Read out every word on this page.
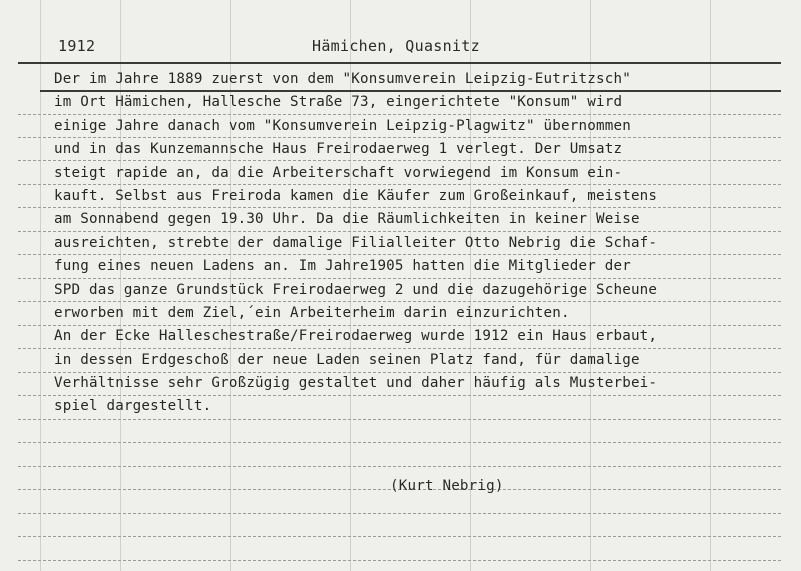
1912	Hämichen, Quasnitz
Der im Jahre 1889 zuerst von dem "Konsumverein Leipzig-Eutritzsch"
im Ort Hämichen, Hallesche Straße 73, eingerichtete "Konsum" wird
einige Jahre danach vom "Konsumverein Leipzig-Plagwitz" übernommen
und in das Kunzemannsche Haus Freirodaerweg 1 verlegt. Der Umsatz
steigt rapide an, da die Arbeiterschaft vorwiegend im Konsum ein-
kauft. Selbst aus Freiroda kamen die Käufer zum Großeinkauf, meistens
am Sonnabend gegen 19.30 Uhr. Da die Räumlichkeiten in keiner Weise
ausreichten, strebte der damalige Filialleiter Otto Nebrig die Schaf-
fung eines neuen Ladens an. Im Jahre1905 hatten die Mitglieder der
SPD das ganze Grundstück Freirodaerweg 2 und die dazugehörige Scheune
erworben mit dem Ziel,´ein Arbeiterheim darin einzurichten.
An der Ecke Halleschestraße/Freirodaerweg wurde 1912 ein Haus erbaut,
in dessen Erdgeschoß der neue Laden seinen Platz fand, für damalige
Verhältnisse sehr Großzügig gestaltet und daher häufig als Musterbei-
spiel dargestellt.
(Kurt Nebrig)
